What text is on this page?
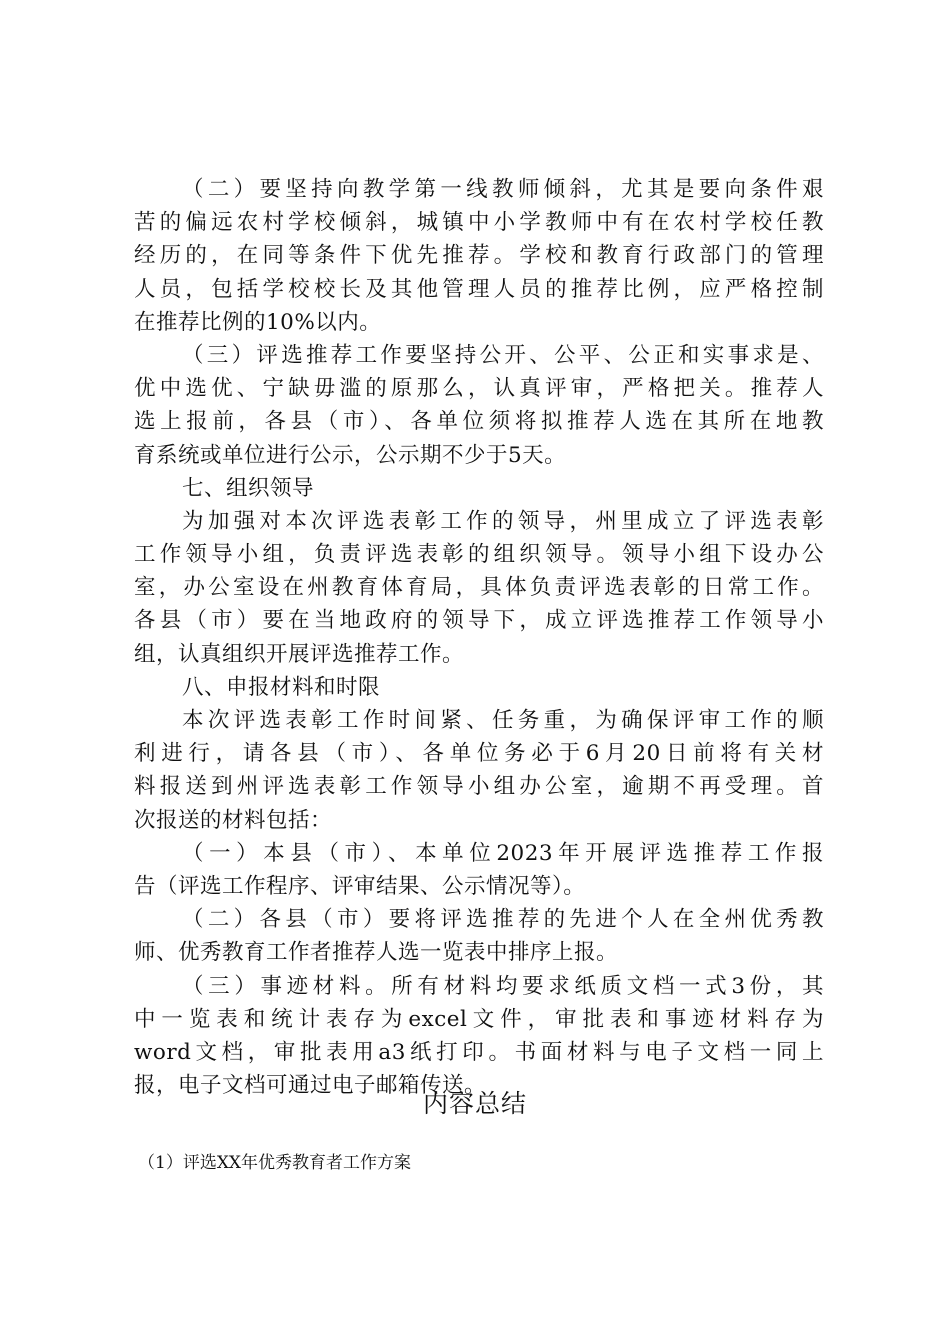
（二）要坚持向教学第一线教师倾斜，尤其是要向条件艰
苦的偏远农村学校倾斜，城镇中小学教师中有在农村学校任教
经历的，在同等条件下优先推荐。学校和教育行政部门的管理
人员，包括学校校长及其他管理人员的推荐比例，应严格控制
在推荐比例的10%以内。
（三）评选推荐工作要坚持公开、公平、公正和实事求是、
优中选优、宁缺毋滥的原那么，认真评审，严格把关。推荐人
选上报前，各县（市）、各单位须将拟推荐人选在其所在地教
育系统或单位进行公示，公示期不少于5天。
七、组织领导
为加强对本次评选表彰工作的领导，州里成立了评选表彰
工作领导小组，负责评选表彰的组织领导。领导小组下设办公
室，办公室设在州教育体育局，具体负责评选表彰的日常工作。
各县（市）要在当地政府的领导下，成立评选推荐工作领导小
组，认真组织开展评选推荐工作。
八、申报材料和时限
本次评选表彰工作时间紧、任务重，为确保评审工作的顺
利进行，请各县（市）、各单位务必于6月20日前将有关材
料报送到州评选表彰工作领导小组办公室，逾期不再受理。首
次报送的材料包括：
（一）本县（市）、本单位2023年开展评选推荐工作报
告（评选工作程序、评审结果、公示情况等）。
（二）各县（市）要将评选推荐的先进个人在全州优秀教
师、优秀教育工作者推荐人选一览表中排序上报。
（三）事迹材料。所有材料均要求纸质文档一式3份，其
中一览表和统计表存为excel文件，审批表和事迹材料存为
word文档，审批表用a3纸打印。书面材料与电子文档一同上
报，电子文档可通过电子邮箱传送。
内容总结
（1）评选XX年优秀教育者工作方案
